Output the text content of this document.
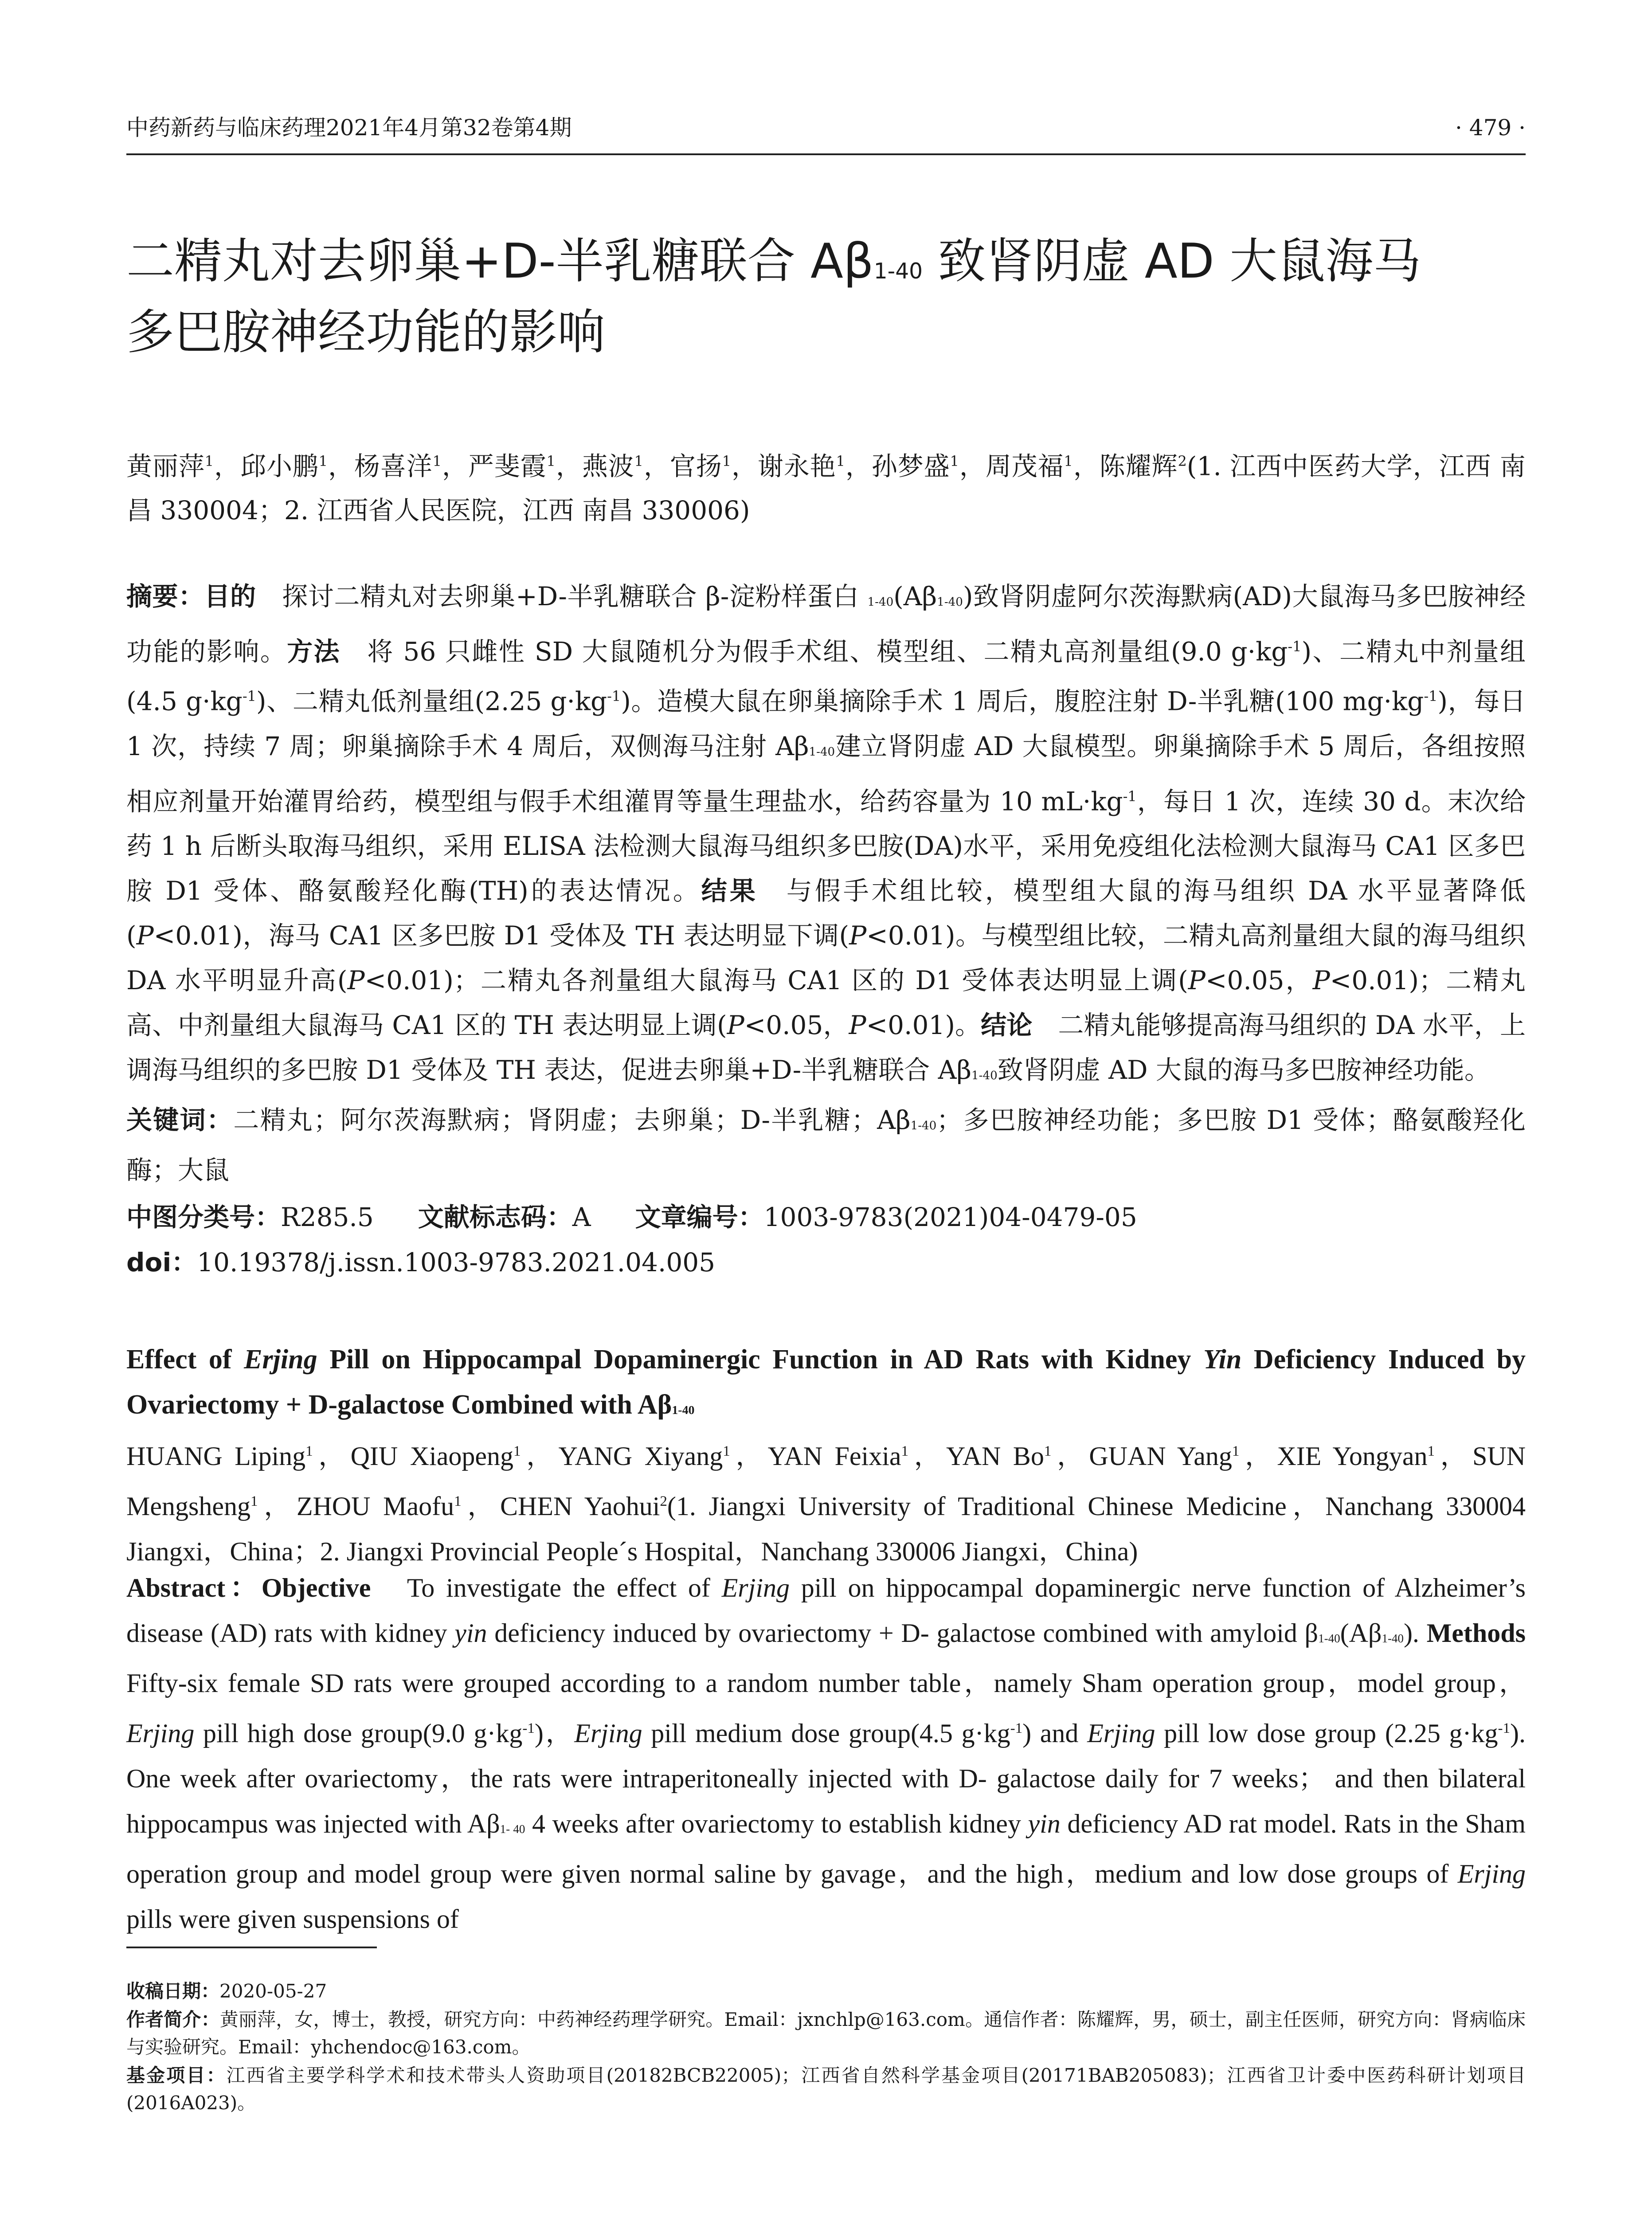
中药新药与临床药理2021年4月第32卷第4期	· 479 ·
二精丸对去卵巢+D-半乳糖联合 $A\beta_{1-40}$ 致肾阴虚 AD 大鼠海马
多巴胺神经功能的影响
黄丽萍$^1$，邱小鹏$^1$，杨喜洋$^1$，严斐霞$^1$，燕波$^1$，官扬$^1$，谢永艳$^1$，孙梦盛$^1$，周茂福$^1$，陈耀辉$^2$(1. 江西中医药大学，江西 南昌 330004；2. 江西省人民医院，江西 南昌 330006)
摘要：目的　探讨二精丸对去卵巢+D-半乳糖联合 β-淀粉样蛋白 $_{1-40}(A\beta_{1-40})$致肾阴虚阿尔茨海默病(AD)大鼠海马多巴胺神经功能的影响。方法　将 56 只雌性 SD 大鼠随机分为假手术组、模型组、二精丸高剂量组(9.0 $g\cdot kg^{-1}$)、二精丸中剂量组(4.5 $g\cdot kg^{-1}$)、二精丸低剂量组(2.25 $g\cdot kg^{-1}$)。造模大鼠在卵巢摘除手术 1 周后，腹腔注射 D-半乳糖(100 $mg\cdot kg^{-1}$)，每日 1 次，持续 7 周；卵巢摘除手术 4 周后，双侧海马注射 $A\beta_{1-40}$建立肾阴虚 AD 大鼠模型。卵巢摘除手术 5 周后，各组按照相应剂量开始灌胃给药，模型组与假手术组灌胃等量生理盐水，给药容量为 10 $mL\cdot kg^{-1}$，每日 1 次，连续 30 d。末次给药 1 h 后断头取海马组织，采用 ELISA 法检测大鼠海马组织多巴胺(DA)水平，采用免疫组化法检测大鼠海马 CA1 区多巴胺 D1 受体、酪氨酸羟化酶(TH)的表达情况。结果　与假手术组比较，模型组大鼠的海马组织 DA 水平显著降低(P<0.01)，海马 CA1 区多巴胺 D1 受体及 TH 表达明显下调(P<0.01)。与模型组比较，二精丸高剂量组大鼠的海马组织 DA 水平明显升高(P<0.01)；二精丸各剂量组大鼠海马 CA1 区的 D1 受体表达明显上调(P<0.05，P<0.01)；二精丸高、中剂量组大鼠海马 CA1 区的 TH 表达明显上调(P<0.05，P<0.01)。结论　二精丸能够提高海马组织的 DA 水平，上调海马组织的多巴胺 D1 受体及 TH 表达，促进去卵巢+D-半乳糖联合 $A\beta_{1-40}$致肾阴虚 AD 大鼠的海马多巴胺神经功能。
关键词：二精丸；阿尔茨海默病；肾阴虚；去卵巢；D-半乳糖；$A\beta_{1-40}$；多巴胺神经功能；多巴胺 D1 受体；酪氨酸羟化酶；大鼠
中图分类号：R285.5 文献标志码：A 文章编号：1003-9783(2021)04-0479-05
doi：10.19378/j.issn.1003-9783.2021.04.005
Effect of Erjing Pill on Hippocampal Dopaminergic Function in AD Rats with Kidney Yin Deficiency Induced by Ovariectomy + D-galactose Combined with $A\beta_{1-40}$
HUANG Liping$^1$，QIU Xiaopeng$^1$，YANG Xiyang$^1$，YAN Feixia$^1$，YAN Bo$^1$，GUAN Yang$^1$，XIE Yongyan$^1$，SUN Mengsheng$^1$，ZHOU Maofu$^1$，CHEN Yaohui$^2$(1. Jiangxi University of Traditional Chinese Medicine，Nanchang 330004 Jiangxi，China；2. Jiangxi Provincial People´s Hospital，Nanchang 330006 Jiangxi，China)
Abstract：Objective　To investigate the effect of Erjing pill on hippocampal dopaminergic nerve function of Alzheimer’s disease (AD) rats with kidney yin deficiency induced by ovariectomy + D- galactose combined with amyloid $\beta_{1-40}(A\beta_{1-40})$. Methods Fifty-six female SD rats were grouped according to a random number table，namely Sham operation group，model group，Erjing pill high dose group(9.0 $g\cdot kg^{-1}$)，Erjing pill medium dose group(4.5 $g\cdot kg^{-1}$) and Erjing pill low dose group (2.25 $g\cdot kg^{-1}$). One week after ovariectomy，the rats were intraperitoneally injected with D- galactose daily for 7 weeks； and then bilateral hippocampus was injected with $A\beta_{1- 40}$ 4 weeks after ovariectomy to establish kidney yin deficiency AD rat model. Rats in the Sham operation group and model group were given normal saline by gavage，and the high，medium and low dose groups of Erjing pills were given suspensions of

收稿日期：2020-05-27

作者简介：黄丽萍，女，博士，教授，研究方向：中药神经药理学研究。Email：jxnchlp@163.com。通信作者：陈耀辉，男，硕士，副主任医师，研究方向：肾病临床与实验研究。Email：yhchendoc@163.com。

基金项目：江西省主要学科学术和技术带头人资助项目(20182BCB22005)；江西省自然科学基金项目(20171BAB205083)；江西省卫计委中医药科研计划项目(2016A023)。
